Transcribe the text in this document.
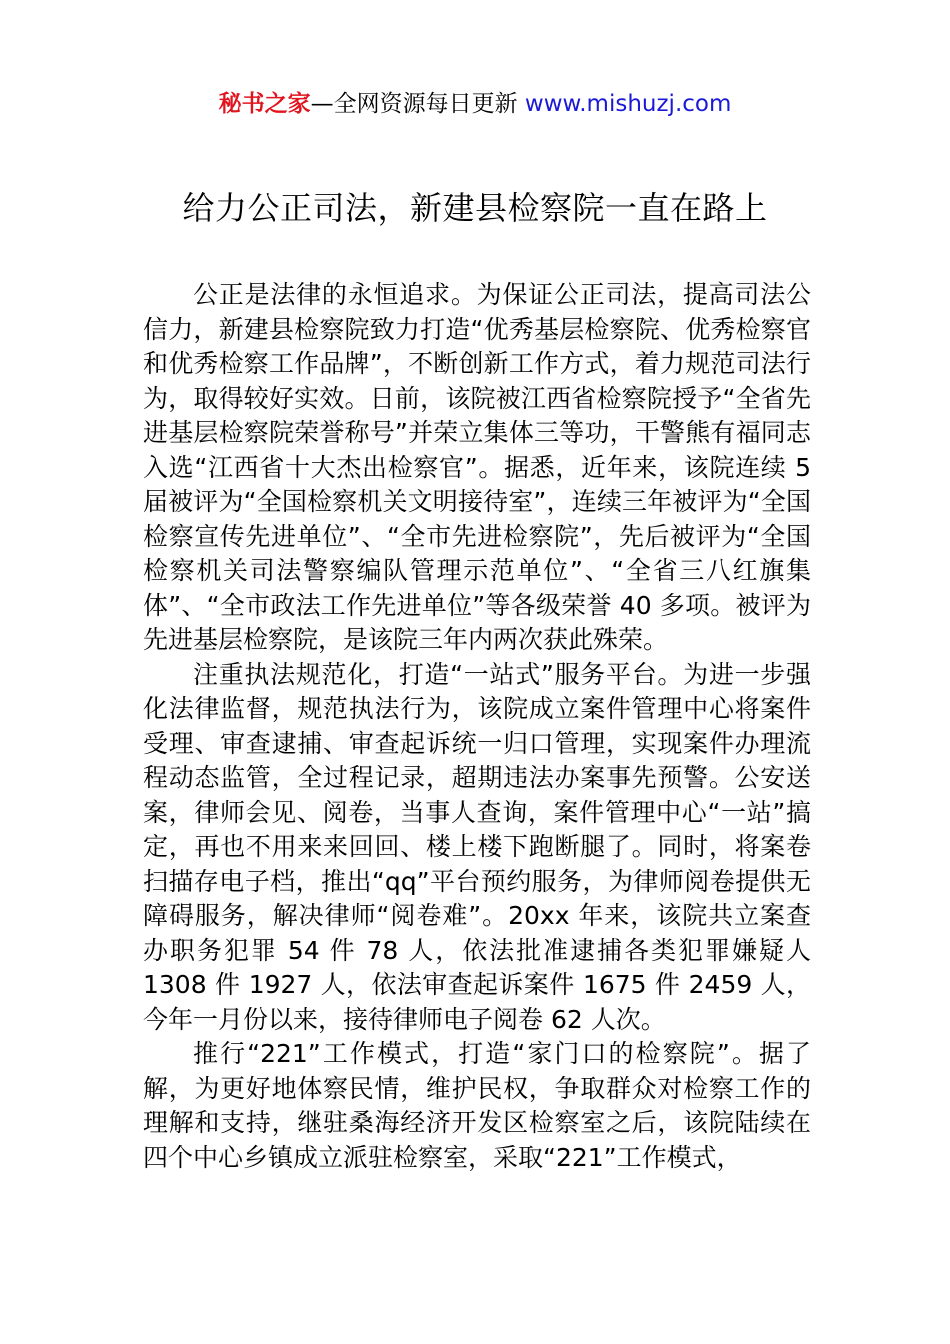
秘书之家—全网资源每日更新 www.mishuzj.com
给力公正司法，新建县检察院一直在路上

公正是法律的永恒追求。为保证公正司法，提高司法公信力，新建县检察院致力打造“优秀基层检察院、优秀检察官和优秀检察工作品牌”，不断创新工作方式，着力规范司法行为，取得较好实效。日前，该院被江西省检察院授予“全省先进基层检察院荣誉称号”并荣立集体三等功，干警熊有福同志入选“江西省十大杰出检察官”。据悉，近年来，该院连续 5 届被评为“全国检察机关文明接待室”，连续三年被评为“全国检察宣传先进单位”、“全市先进检察院”，先后被评为“全国检察机关司法警察编队管理示范单位”、“全省三八红旗集体”、“全市政法工作先进单位”等各级荣誉 40 多项。被评为先进基层检察院，是该院三年内两次获此殊荣。

注重执法规范化，打造“一站式”服务平台。为进一步强化法律监督，规范执法行为，该院成立案件管理中心将案件受理、审查逮捕、审查起诉统一归口管理，实现案件办理流程动态监管，全过程记录，超期违法办案事先预警。公安送案，律师会见、阅卷，当事人查询，案件管理中心“一站”搞定，再也不用来来回回、楼上楼下跑断腿了。同时，将案卷扫描存电子档，推出“qq”平台预约服务，为律师阅卷提供无障碍服务，解决律师“阅卷难”。20xx 年来，该院共立案查办职务犯罪 54 件 78 人，依法批准逮捕各类犯罪嫌疑人 1308 件 1927 人，依法审查起诉案件 1675 件 2459 人，今年一月份以来，接待律师电子阅卷 62 人次。

推行“221”工作模式，打造“家门口的检察院”。据了解，为更好地体察民情，维护民权，争取群众对检察工作的理解和支持，继驻桑海经济开发区检察室之后，该院陆续在四个中心乡镇成立派驻检察室，采取“221”工作模式，
